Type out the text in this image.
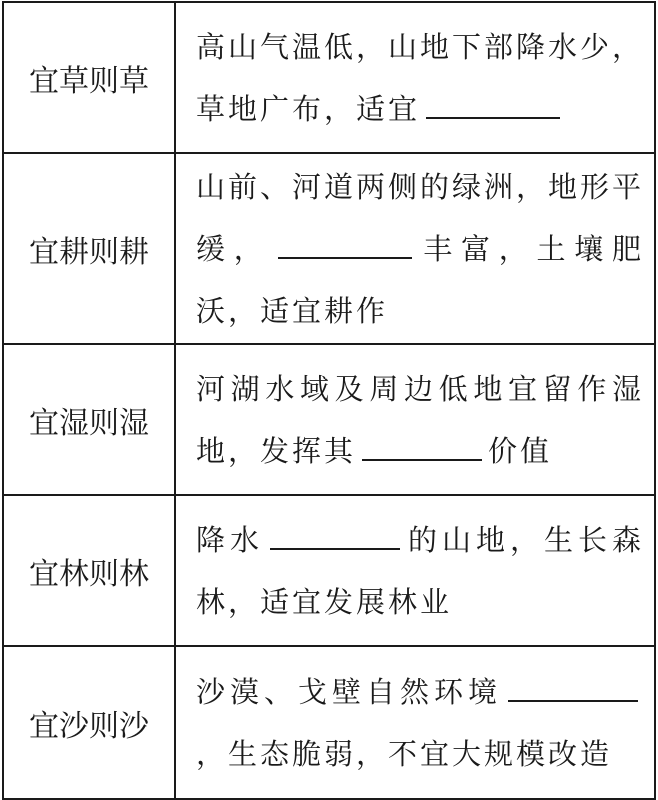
宜草则草	高山气温低，山地下部降水少，草地广布，适宜
宜耕则耕	山前、河道两侧的绿洲，地形平缓， 丰富，土壤肥沃，适宜耕作
宜湿则湿	河湖水域及周边低地宜留作湿地，发挥其 价值
宜林则林	降水 的山地，生长森林，适宜发展林业
宜沙则沙	沙漠、戈壁自然环境，生态脆弱，不宜大规模改造
